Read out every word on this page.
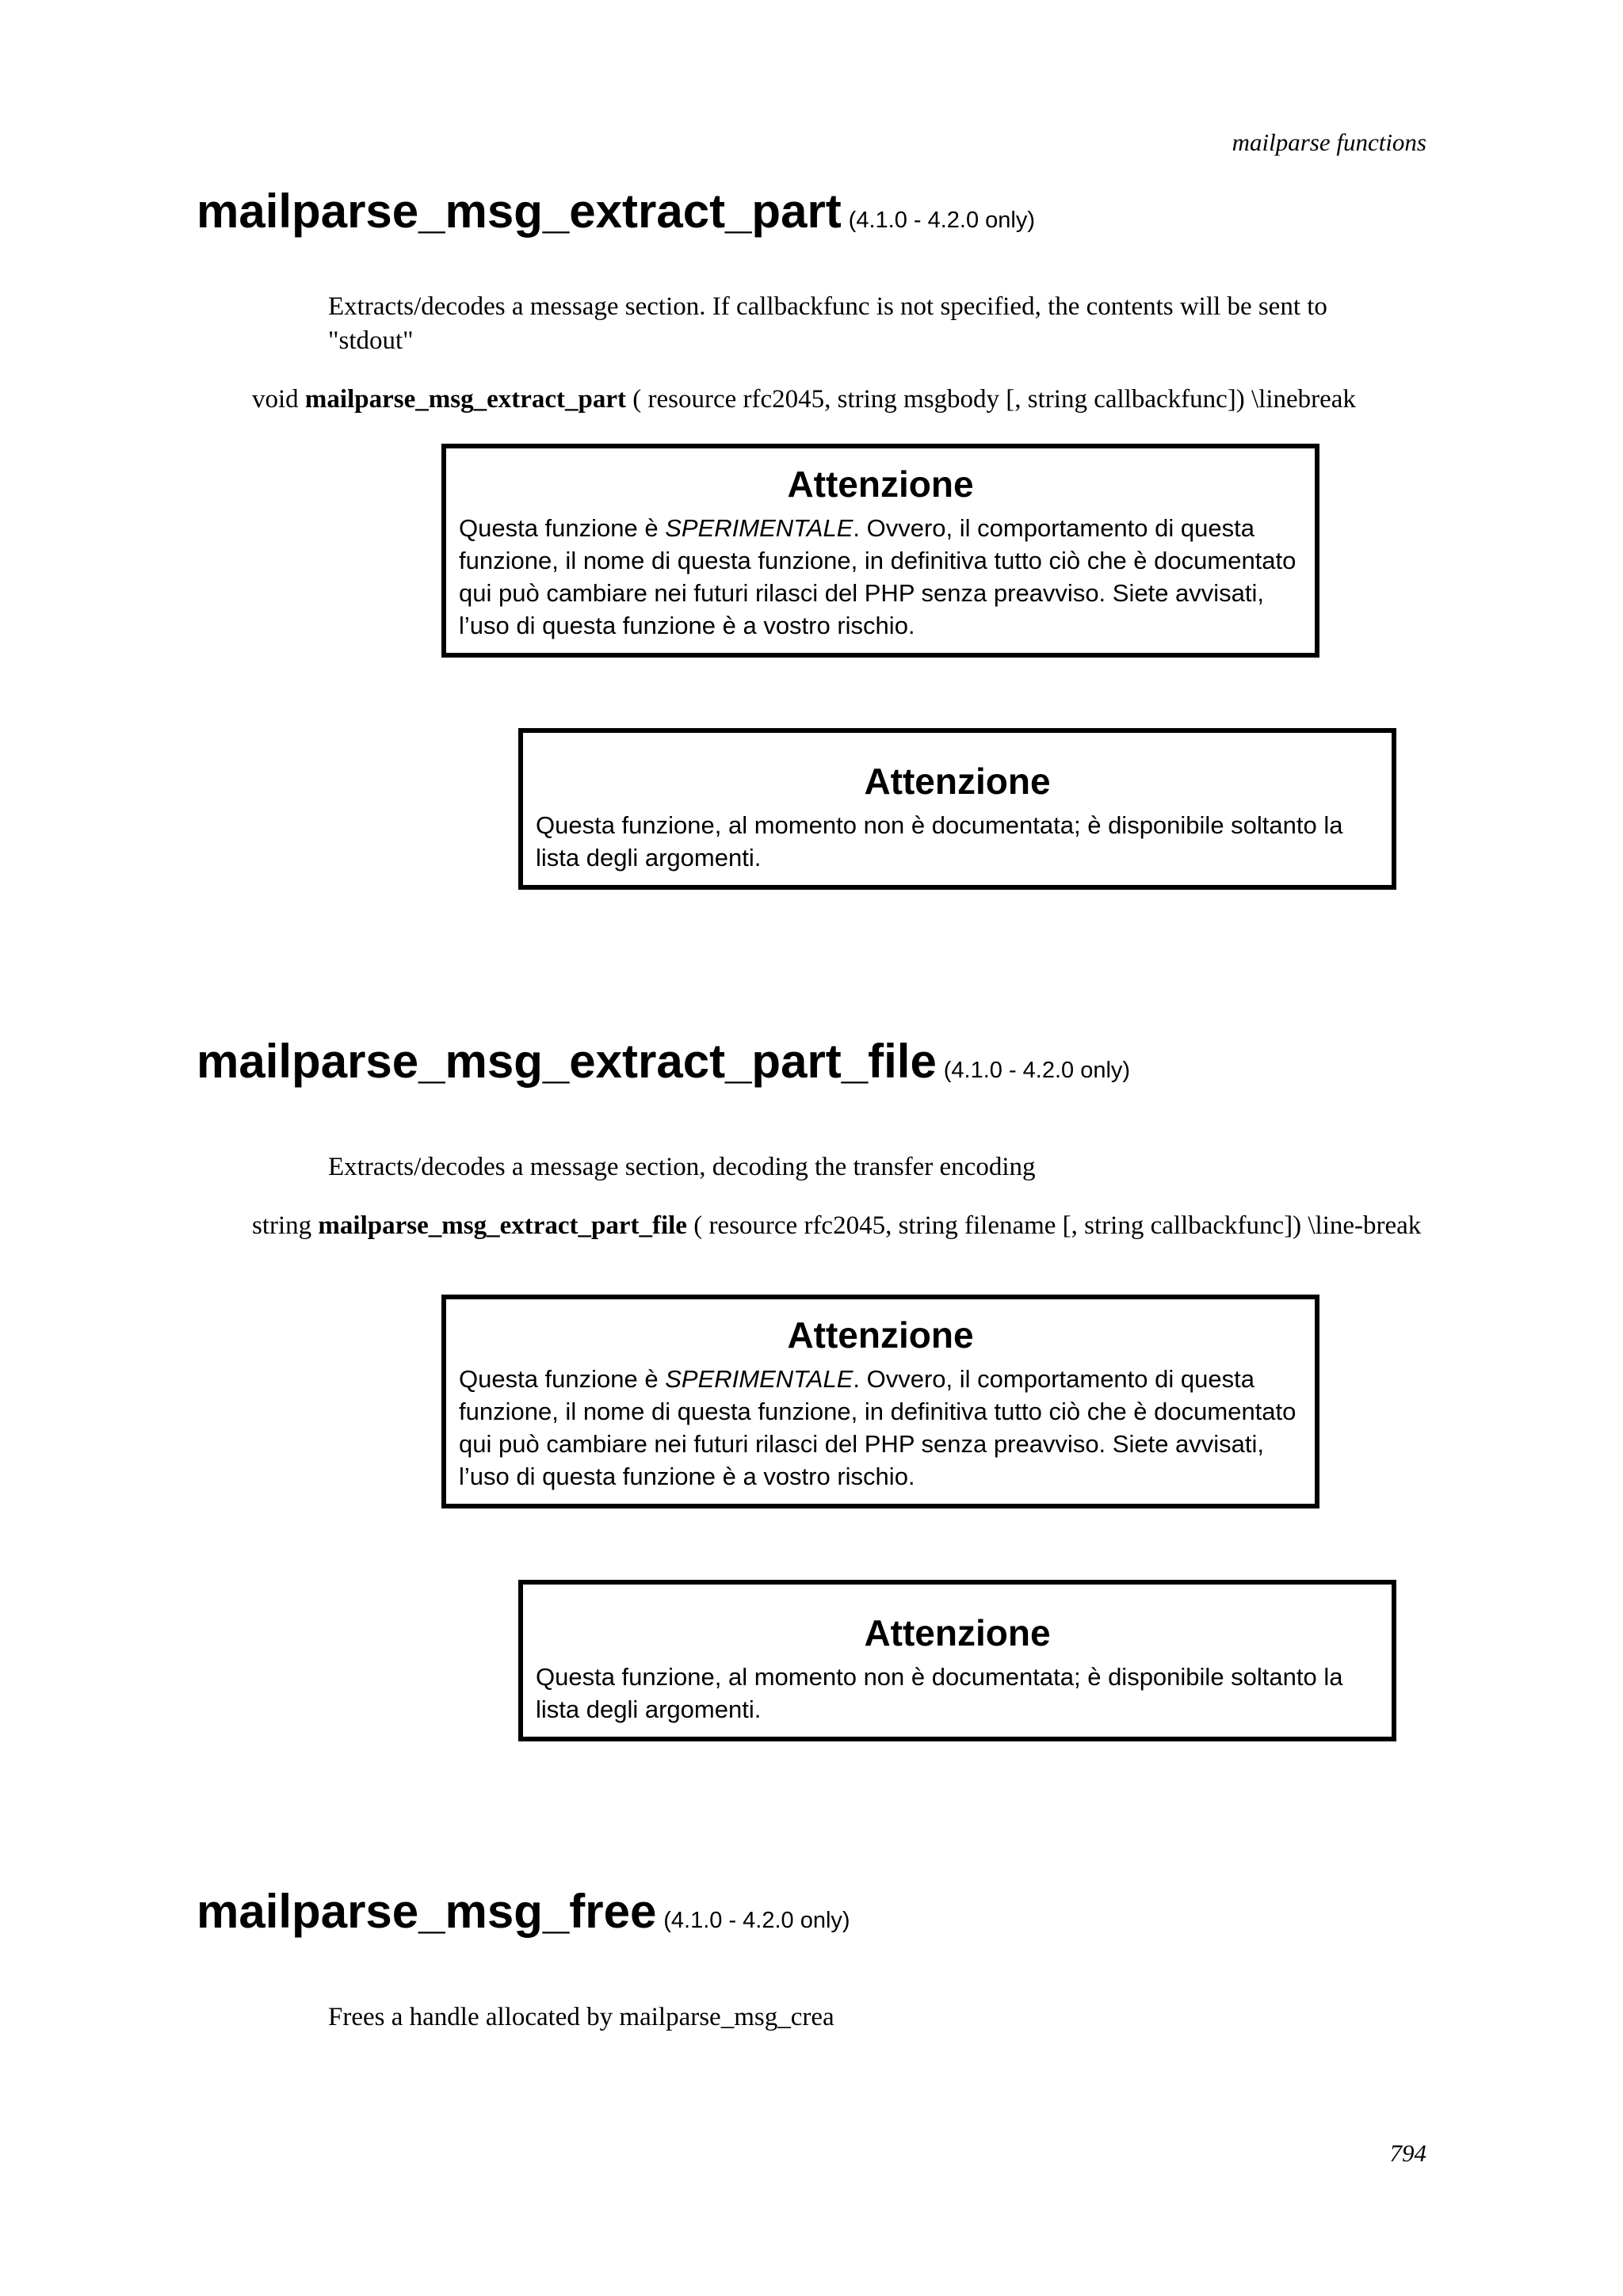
mailparse functions
mailparse_msg_extract_part (4.1.0 - 4.2.0 only)
Extracts/decodes a message section. If callbackfunc is not specified, the contents will be sent to "stdout"
void mailparse_msg_extract_part ( resource rfc2045, string msgbody [, string callbackfunc]) \linebreak
Attenzione
Questa funzione è SPERIMENTALE. Ovvero, il comportamento di questa funzione, il nome di questa funzione, in definitiva tutto ciò che è documentato qui può cambiare nei futuri rilasci del PHP senza preavviso. Siete avvisati, l’uso di questa funzione è a vostro rischio.
Attenzione
Questa funzione, al momento non è documentata; è disponibile soltanto la lista degli argomenti.
mailparse_msg_extract_part_file (4.1.0 - 4.2.0 only)
Extracts/decodes a message section, decoding the transfer encoding
string mailparse_msg_extract_part_file ( resource rfc2045, string filename [, string callbackfunc]) \line-break
Attenzione
Questa funzione è SPERIMENTALE. Ovvero, il comportamento di questa funzione, il nome di questa funzione, in definitiva tutto ciò che è documentato qui può cambiare nei futuri rilasci del PHP senza preavviso. Siete avvisati, l’uso di questa funzione è a vostro rischio.
Attenzione
Questa funzione, al momento non è documentata; è disponibile soltanto la lista degli argomenti.
mailparse_msg_free (4.1.0 - 4.2.0 only)
Frees a handle allocated by mailparse_msg_crea
794
